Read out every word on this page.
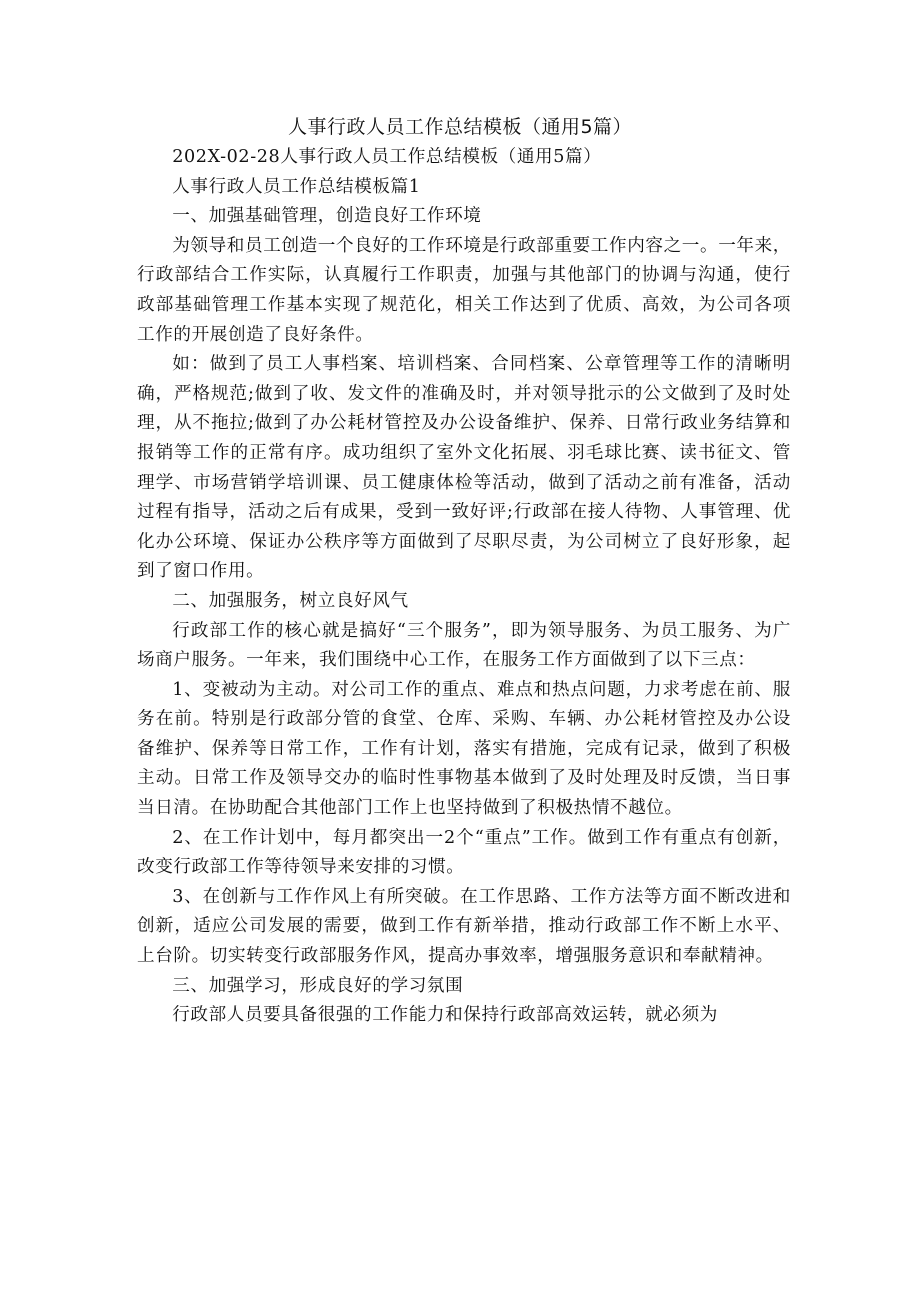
人事行政人员工作总结模板（通用5篇）

202X-02-28人事行政人员工作总结模板（通用5篇）

人事行政人员工作总结模板篇1

一、加强基础管理，创造良好工作环境

为领导和员工创造一个良好的工作环境是行政部重要工作内容之一。一年来，行政部结合工作实际，认真履行工作职责，加强与其他部门的协调与沟通，使行政部基础管理工作基本实现了规范化，相关工作达到了优质、高效，为公司各项工作的开展创造了良好条件。

如：做到了员工人事档案、培训档案、合同档案、公章管理等工作的清晰明确，严格规范;做到了收、发文件的准确及时，并对领导批示的公文做到了及时处理，从不拖拉;做到了办公耗材管控及办公设备维护、保养、日常行政业务结算和报销等工作的正常有序。成功组织了室外文化拓展、羽毛球比赛、读书征文、管理学、市场营销学培训课、员工健康体检等活动，做到了活动之前有准备，活动过程有指导，活动之后有成果，受到一致好评;行政部在接人待物、人事管理、优化办公环境、保证办公秩序等方面做到了尽职尽责，为公司树立了良好形象，起到了窗口作用。

二、加强服务，树立良好风气

行政部工作的核心就是搞好“三个服务”，即为领导服务、为员工服务、为广场商户服务。一年来，我们围绕中心工作，在服务工作方面做到了以下三点：

1、变被动为主动。对公司工作的重点、难点和热点问题，力求考虑在前、服务在前。特别是行政部分管的食堂、仓库、采购、车辆、办公耗材管控及办公设备维护、保养等日常工作，工作有计划，落实有措施，完成有记录，做到了积极主动。日常工作及领导交办的临时性事物基本做到了及时处理及时反馈，当日事当日清。在协助配合其他部门工作上也坚持做到了积极热情不越位。

2、在工作计划中，每月都突出一2个“重点”工作。做到工作有重点有创新，改变行政部工作等待领导来安排的习惯。

3、在创新与工作作风上有所突破。在工作思路、工作方法等方面不断改进和创新，适应公司发展的需要，做到工作有新举措，推动行政部工作不断上水平、上台阶。切实转变行政部服务作风，提高办事效率，增强服务意识和奉献精神。

三、加强学习，形成良好的学习氛围

行政部人员要具备很强的工作能力和保持行政部高效运转，就必须为
